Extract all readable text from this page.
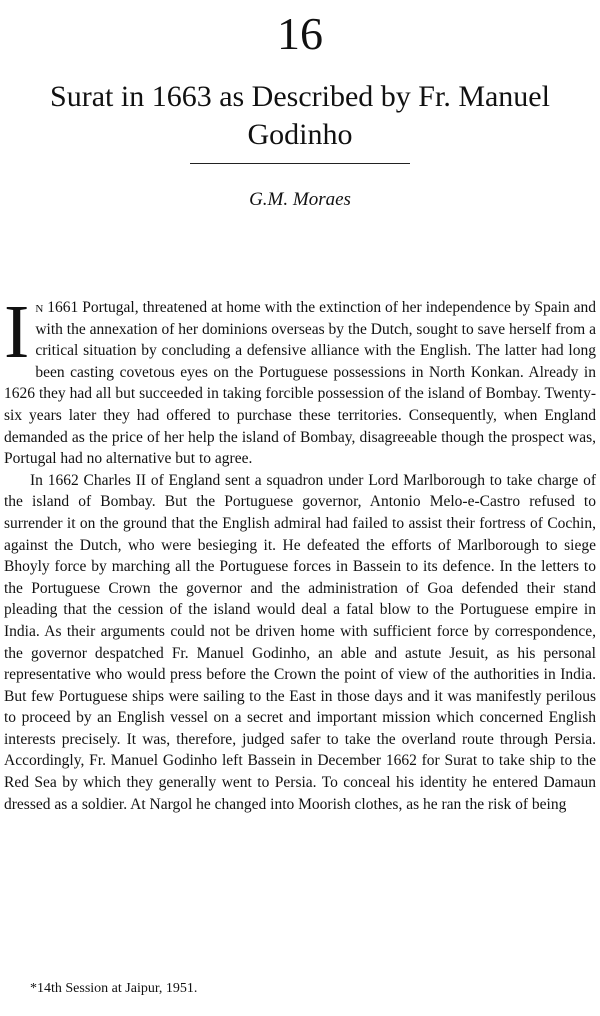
16
Surat in 1663 as Described by Fr. Manuel Godinho
G.M. Moraes

In 1661 Portugal, threatened at home with the extinction of her independence by Spain and with the annexation of her dominions overseas by the Dutch, sought to save herself from a critical situation by concluding a defensive alliance with the English. The latter had long been casting covetous eyes on the Portuguese possessions in North Konkan. Already in 1626 they had all but succeeded in taking forcible possession of the island of Bombay. Twenty-six years later they had offered to purchase these territories. Consequently, when England demanded as the price of her help the island of Bombay, disagreeable though the prospect was, Portugal had no alternative but to agree.

In 1662 Charles II of England sent a squadron under Lord Marlborough to take charge of the island of Bombay. But the Portuguese governor, Antonio Melo-e-Castro refused to surrender it on the ground that the English admiral had failed to assist their fortress of Cochin, against the Dutch, who were besieging it. He defeated the efforts of Marlborough to siege Bhoyly force by marching all the Portuguese forces in Bassein to its defence. In the letters to the Portuguese Crown the governor and the administration of Goa defended their stand pleading that the cession of the island would deal a fatal blow to the Portuguese empire in India. As their arguments could not be driven home with sufficient force by correspondence, the governor despatched Fr. Manuel Godinho, an able and astute Jesuit, as his personal representative who would press before the Crown the point of view of the authorities in India. But few Portuguese ships were sailing to the East in those days and it was manifestly perilous to proceed by an English vessel on a secret and important mission which concerned English interests precisely. It was, therefore, judged safer to take the overland route through Persia. Accordingly, Fr. Manuel Godinho left Bassein in December 1662 for Surat to take ship to the Red Sea by which they generally went to Persia. To conceal his identity he entered Damaun dressed as a soldier. At Nargol he changed into Moorish clothes, as he ran the risk of being

*14th Session at Jaipur, 1951.
